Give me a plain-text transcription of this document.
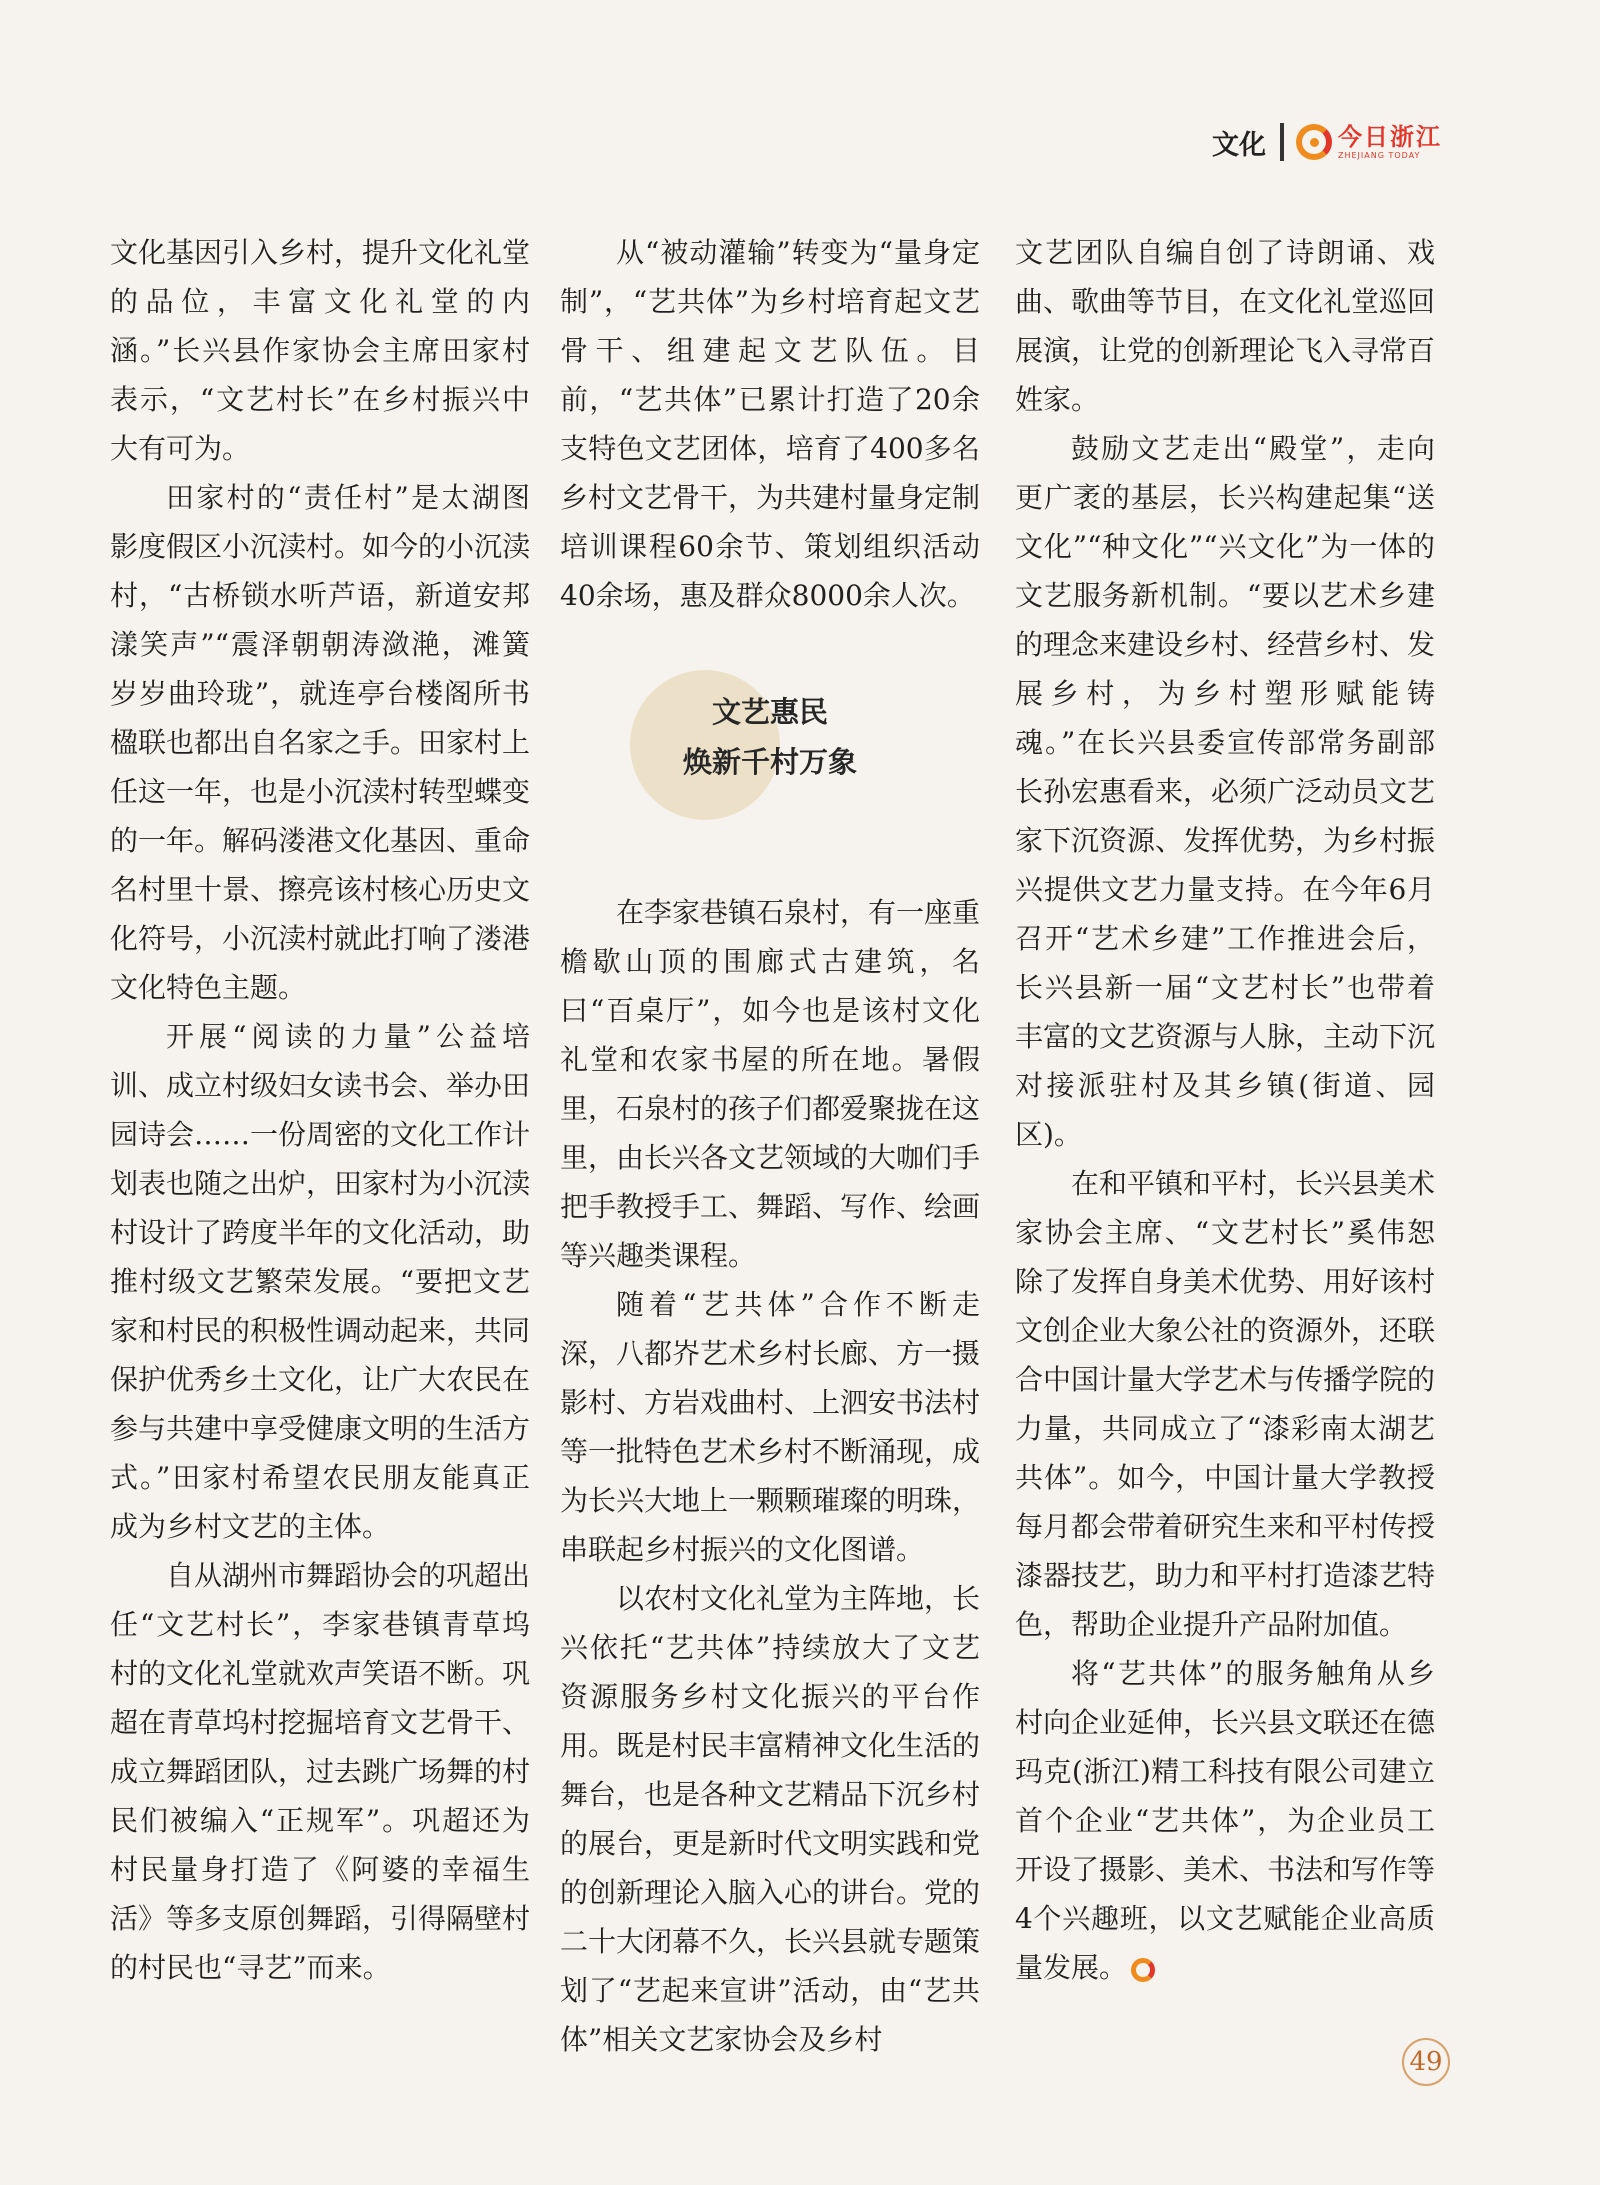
文化	今日浙江
ZHEJIANG TODAY

文化基因引入乡村，提升文化礼堂的品位，丰富文化礼堂的内涵。”长兴县作家协会主席田家村表示，“文艺村长”在乡村振兴中大有可为。

田家村的“责任村”是太湖图影度假区小沉渎村。如今的小沉渎村，“古桥锁水听芦语，新道安邦漾笑声”“震泽朝朝涛潋滟，滩簧岁岁曲玲珑”，就连亭台楼阁所书楹联也都出自名家之手。田家村上任这一年，也是小沉渎村转型蝶变的一年。解码溇港文化基因、重命名村里十景、擦亮该村核心历史文化符号，小沉渎村就此打响了溇港文化特色主题。

开展“阅读的力量”公益培训、成立村级妇女读书会、举办田园诗会……一份周密的文化工作计划表也随之出炉，田家村为小沉渎村设计了跨度半年的文化活动，助推村级文艺繁荣发展。“要把文艺家和村民的积极性调动起来，共同保护优秀乡土文化，让广大农民在参与共建中享受健康文明的生活方式。”田家村希望农民朋友能真正成为乡村文艺的主体。

自从湖州市舞蹈协会的巩超出任“文艺村长”，李家巷镇青草坞村的文化礼堂就欢声笑语不断。巩超在青草坞村挖掘培育文艺骨干、成立舞蹈团队，过去跳广场舞的村民们被编入“正规军”。巩超还为村民量身打造了《阿婆的幸福生活》等多支原创舞蹈，引得隔壁村的村民也“寻艺”而来。

从“被动灌输”转变为“量身定制”，“艺共体”为乡村培育起文艺骨干、组建起文艺队伍。目前，“艺共体”已累计打造了20余支特色文艺团体，培育了400多名乡村文艺骨干，为共建村量身定制培训课程60余节、策划组织活动40余场，惠及群众8000余人次。

文艺惠民
焕新千村万象

在李家巷镇石泉村，有一座重檐歇山顶的围廊式古建筑，名曰“百桌厅”，如今也是该村文化礼堂和农家书屋的所在地。暑假里，石泉村的孩子们都爱聚拢在这里，由长兴各文艺领域的大咖们手把手教授手工、舞蹈、写作、绘画等兴趣类课程。

随着“艺共体”合作不断走深，八都岕艺术乡村长廊、方一摄影村、方岩戏曲村、上泗安书法村等一批特色艺术乡村不断涌现，成为长兴大地上一颗颗璀璨的明珠，串联起乡村振兴的文化图谱。

以农村文化礼堂为主阵地，长兴依托“艺共体”持续放大了文艺资源服务乡村文化振兴的平台作用。既是村民丰富精神文化生活的舞台，也是各种文艺精品下沉乡村的展台，更是新时代文明实践和党的创新理论入脑入心的讲台。党的二十大闭幕不久，长兴县就专题策划了“艺起来宣讲”活动，由“艺共体”相关文艺家协会及乡村

文艺团队自编自创了诗朗诵、戏曲、歌曲等节目，在文化礼堂巡回展演，让党的创新理论飞入寻常百姓家。

鼓励文艺走出“殿堂”，走向更广袤的基层，长兴构建起集“送文化”“种文化”“兴文化”为一体的文艺服务新机制。“要以艺术乡建的理念来建设乡村、经营乡村、发展乡村，为乡村塑形赋能铸魂。”在长兴县委宣传部常务副部长孙宏惠看来，必须广泛动员文艺家下沉资源、发挥优势，为乡村振兴提供文艺力量支持。在今年6月召开“艺术乡建”工作推进会后，长兴县新一届“文艺村长”也带着丰富的文艺资源与人脉，主动下沉对接派驻村及其乡镇(街道、园区)。

在和平镇和平村，长兴县美术家协会主席、“文艺村长”奚伟恕除了发挥自身美术优势、用好该村文创企业大象公社的资源外，还联合中国计量大学艺术与传播学院的力量，共同成立了“漆彩南太湖艺共体”。如今，中国计量大学教授每月都会带着研究生来和平村传授漆器技艺，助力和平村打造漆艺特色，帮助企业提升产品附加值。

将“艺共体”的服务触角从乡村向企业延伸，长兴县文联还在德玛克(浙江)精工科技有限公司建立首个企业“艺共体”，为企业员工开设了摄影、美术、书法和写作等4个兴趣班，以文艺赋能企业高质量发展。

49
